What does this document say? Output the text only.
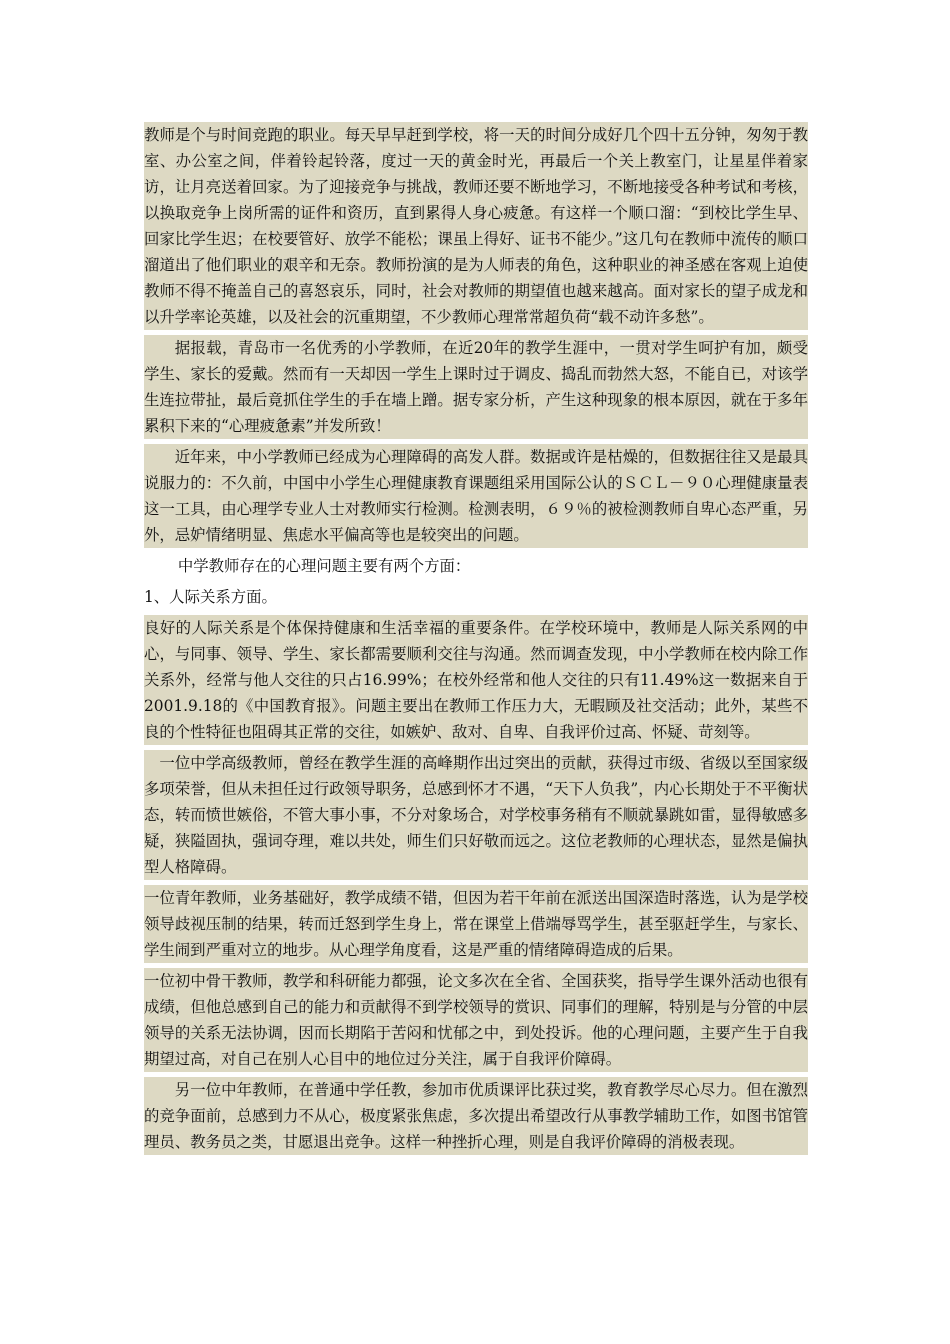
教师是个与时间竞跑的职业。每天早早赶到学校，将一天的时间分成好几个四十五分钟，匆匆于教室、办公室之间，伴着铃起铃落，度过一天的黄金时光，再最后一个关上教室门，让星星伴着家访，让月亮送着回家。为了迎接竞争与挑战，教师还要不断地学习，不断地接受各种考试和考核，以换取竞争上岗所需的证件和资历，直到累得人身心疲惫。有这样一个顺口溜：“到校比学生早、回家比学生迟；在校要管好、放学不能松；课虽上得好、证书不能少。”这几句在教师中流传的顺口溜道出了他们职业的艰辛和无奈。教师扮演的是为人师表的角色，这种职业的神圣感在客观上迫使教师不得不掩盖自己的喜怒哀乐，同时，社会对教师的期望值也越来越高。面对家长的望子成龙和以升学率论英雄，以及社会的沉重期望，不少教师心理常常超负荷“载不动许多愁”。

据报载，青岛市一名优秀的小学教师，在近20年的教学生涯中，一贯对学生呵护有加，颇受学生、家长的爱戴。然而有一天却因一学生上课时过于调皮、捣乱而勃然大怒，不能自已，对该学生连拉带扯，最后竟抓住学生的手在墙上蹭。据专家分析，产生这种现象的根本原因，就在于多年累积下来的“心理疲惫素”并发所致！

近年来，中小学教师已经成为心理障碍的高发人群。数据或许是枯燥的，但数据往往又是最具说服力的：不久前，中国中小学生心理健康教育课题组采用国际公认的ＳＣＬ－９０心理健康量表这一工具，由心理学专业人士对教师实行检测。检测表明，６９％的被检测教师自卑心态严重，另外，忌妒情绪明显、焦虑水平偏高等也是较突出的问题。

中学教师存在的心理问题主要有两个方面：

1、人际关系方面。

良好的人际关系是个体保持健康和生活幸福的重要条件。在学校环境中，教师是人际关系网的中心，与同事、领导、学生、家长都需要顺利交往与沟通。然而调查发现，中小学教师在校内除工作关系外，经常与他人交往的只占16.99%；在校外经常和他人交往的只有11.49%这一数据来自于2001.9.18的《中国教育报》。问题主要出在教师工作压力大，无暇顾及社交活动；此外，某些不良的个性特征也阻碍其正常的交往，如嫉妒、敌对、自卑、自我评价过高、怀疑、苛刻等。

一位中学高级教师，曾经在教学生涯的高峰期作出过突出的贡献，获得过市级、省级以至国家级多项荣誉，但从未担任过行政领导职务，总感到怀才不遇，“天下人负我”，内心长期处于不平衡状态，转而愤世嫉俗，不管大事小事，不分对象场合，对学校事务稍有不顺就暴跳如雷，显得敏感多疑，狭隘固执，强词夺理，难以共处，师生们只好敬而远之。这位老教师的心理状态，显然是偏执型人格障碍。

一位青年教师，业务基础好，教学成绩不错，但因为若干年前在派送出国深造时落选，认为是学校领导歧视压制的结果，转而迁怒到学生身上，常在课堂上借端辱骂学生，甚至驱赶学生，与家长、学生闹到严重对立的地步。从心理学角度看，这是严重的情绪障碍造成的后果。

一位初中骨干教师，教学和科研能力都强，论文多次在全省、全国获奖，指导学生课外活动也很有成绩，但他总感到自己的能力和贡献得不到学校领导的赏识、同事们的理解，特别是与分管的中层领导的关系无法协调，因而长期陷于苦闷和忧郁之中，到处投诉。他的心理问题，主要产生于自我期望过高，对自己在别人心目中的地位过分关注，属于自我评价障碍。

另一位中年教师，在普通中学任教，参加市优质课评比获过奖，教育教学尽心尽力。但在激烈的竞争面前，总感到力不从心，极度紧张焦虑，多次提出希望改行从事教学辅助工作，如图书馆管理员、教务员之类，甘愿退出竞争。这样一种挫折心理，则是自我评价障碍的消极表现。
